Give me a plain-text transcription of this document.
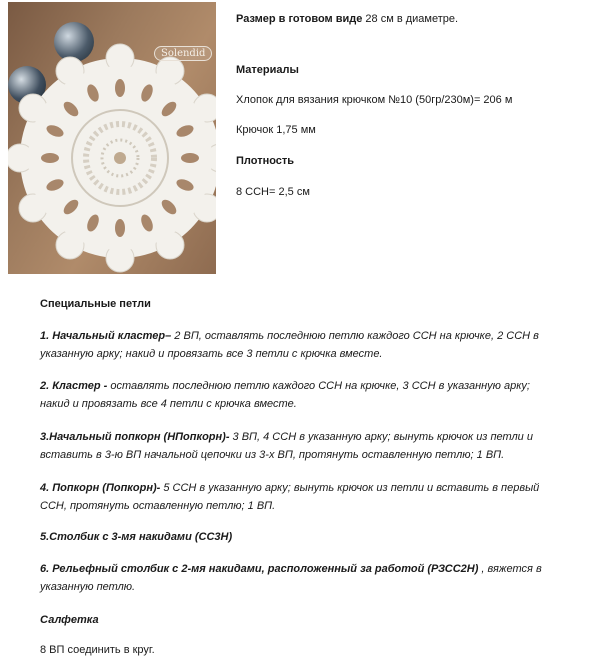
Solendid
Размер в готовом виде 28 см в диаметре.
Материалы
Хлопок для вязания крючком №10 (50гр/230м)= 206 м
Крючок 1,75 мм
Плотность
8 ССН= 2,5 см
Специальные петли

1. Начальный кластер– 2 ВП, оставлять последнюю петлю каждого ССН на крючке, 2 ССН в

указанную арку; накид и провязать все 3 петли с крючка вместе.

2. Кластер - оставлять последнюю петлю каждого ССН на крючке, 3 ССН в указанную арку;

накид и провязать все 4 петли с крючка вместе.

3.Начальный попкорн (НПопкорн)- 3 ВП, 4 ССН в указанную арку; вынуть крючок из петли и

вставить в 3-ю ВП начальной цепочки из 3-х ВП, протянуть оставленную петлю; 1 ВП.

4. Попкорн (Попкорн)- 5 ССН в указанную арку; вынуть крючок из петли и вставить в первый

ССН, протянуть оставленную петлю; 1 ВП.

5.Столбик с 3-мя накидами (СС3Н)

6. Рельефный столбик с 2-мя накидами, расположенный за работой (РЗСС2Н) , вяжется в

указанную петлю.

Салфетка
8 ВП соединить в круг.
